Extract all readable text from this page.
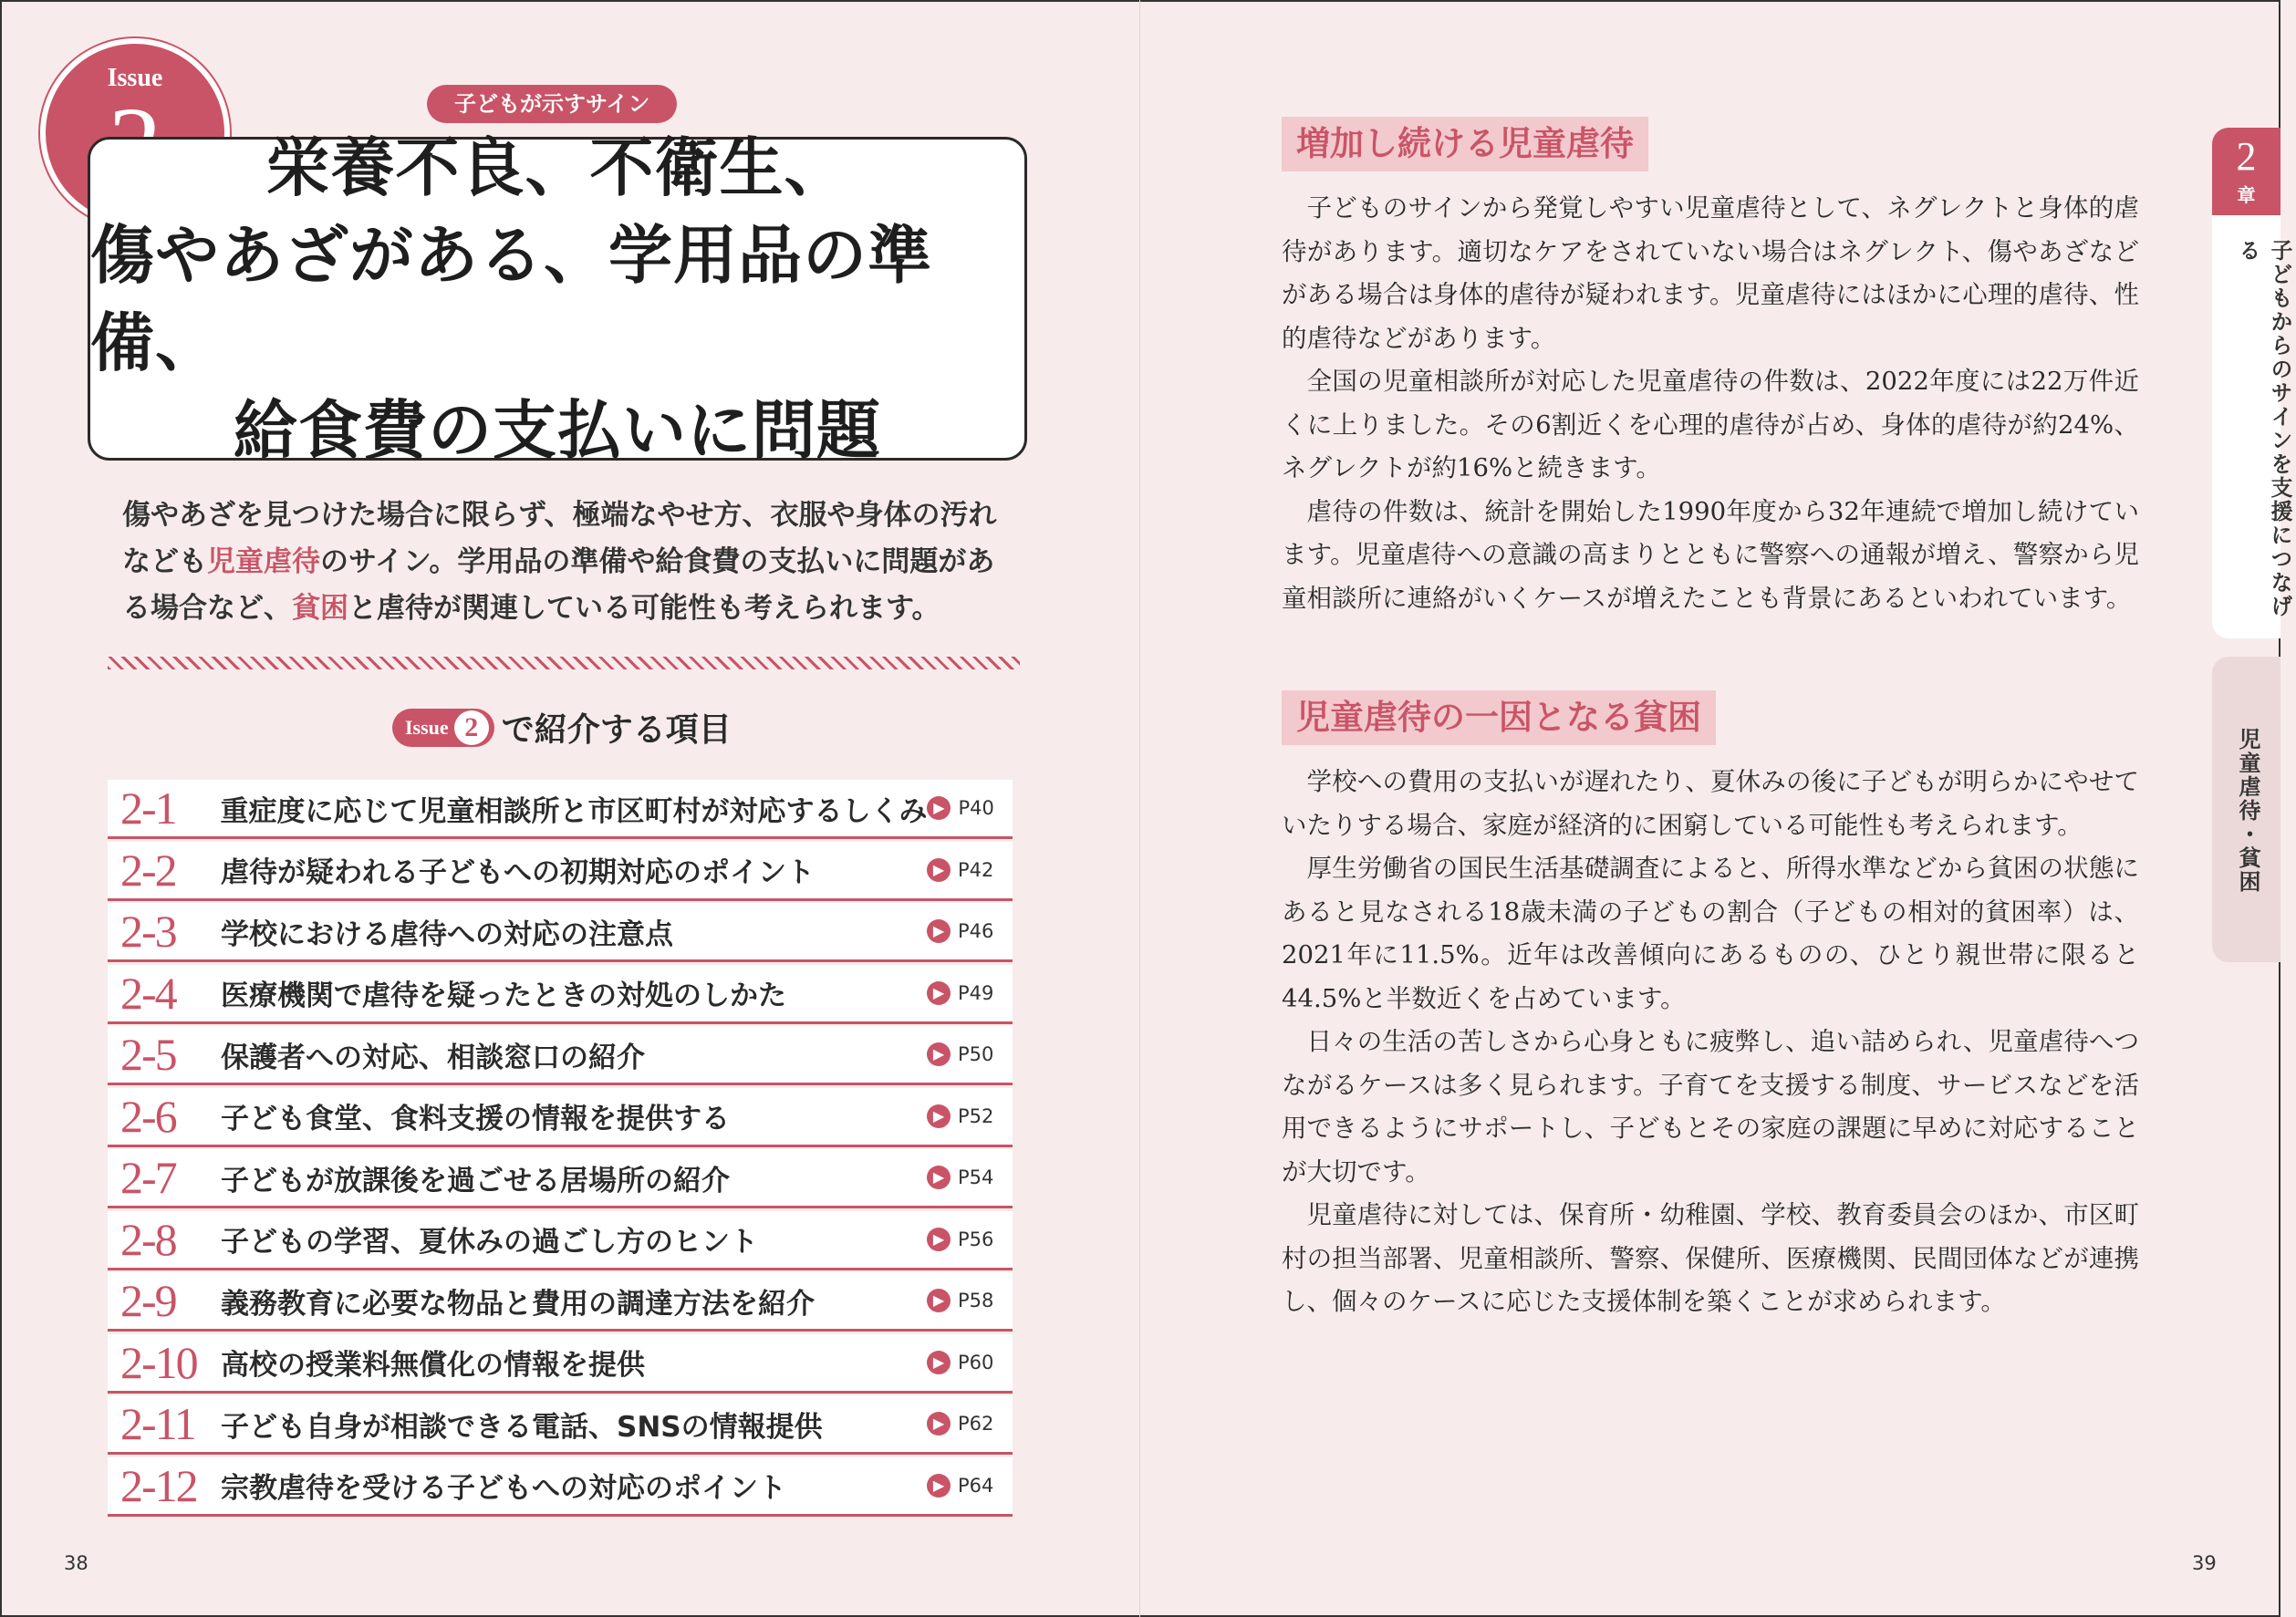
Issue
子どもが示すサイン
栄養不良、不衛生、
傷やあざがある、学用品の準備、
給食費の支払いに問題
傷やあざを見つけた場合に限らず、極端なやせ方、衣服や身体の汚れなども児童虐待のサイン。学用品の準備や給食費の支払いに問題がある場合など、貧困と虐待が関連している可能性も考えられます。
Issue 2 で紹介する項目
2-1	重症度に応じて児童相談所と市区町村が対応するしくみ ▶ P40
2-2	虐待が疑われる子どもへの初期対応のポイント	▶ P42
2-3	学校における虐待への対応の注意点	▶ P46
2-4	医療機関で虐待を疑ったときの対処のしかた	▶ P49
2-5	保護者への対応、相談窓口の紹介	▶ P50
2-6	子ども食堂、食料支援の情報を提供する	▶ P52
2-7	子どもが放課後を過ごせる居場所の紹介	▶ P54
2-8	子どもの学習、夏休みの過ごし方のヒント	▶ P56
2-9	義務教育に必要な物品と費用の調達方法を紹介	▶ P58
2-10 高校の授業料無償化の情報を提供	▶ P60
2-11 子ども自身が相談できる電話、SNSの情報提供	▶ P62
2-12 宗教虐待を受ける子どもへの対応のポイント	▶ P64
38
増加し続ける児童虐待

子どものサインから発覚しやすい児童虐待として、ネグレクトと身体的虐待があります。適切なケアをされていない場合はネグレクト、傷やあざなどがある場合は身体的虐待が疑われます。児童虐待にはほかに心理的虐待、性的虐待などがあります。

全国の児童相談所が対応した児童虐待の件数は、2022年度には22万件近くに上りました。その6割近くを心理的虐待が占め、身体的虐待が約24%、ネグレクトが約16%と続きます。

虐待の件数は、統計を開始した1990年度から32年連続で増加し続けています。児童虐待への意識の高まりとともに警察への通報が増え、警察から児童相談所に連絡がいくケースが増えたことも背景にあるといわれています。

児童虐待の一因となる貧困

学校への費用の支払いが遅れたり、夏休みの後に子どもが明らかにやせていたりする場合、家庭が経済的に困窮している可能性も考えられます。

厚生労働省の国民生活基礎調査によると、所得水準などから貧困の状態にあると見なされる18歳未満の子どもの割合（子どもの相対的貧困率）は、2021年に11.5%。近年は改善傾向にあるものの、ひとり親世帯に限ると44.5%と半数近くを占めています。

日々の生活の苦しさから心身ともに疲弊し、追い詰められ、児童虐待へつながるケースは多く見られます。子育てを支援する制度、サービスなどを活用できるようにサポートし、子どもとその家庭の課題に早めに対応することが大切です。

児童虐待に対しては、保育所・幼稚園、学校、教育委員会のほか、市区町村の担当部署、児童相談所、警察、保健所、医療機関、民間団体などが連携し、個々のケースに応じた支援体制を築くことが求められます。

2
章
子どもからのサインを支援につなげる
児童虐待・貧困
39
